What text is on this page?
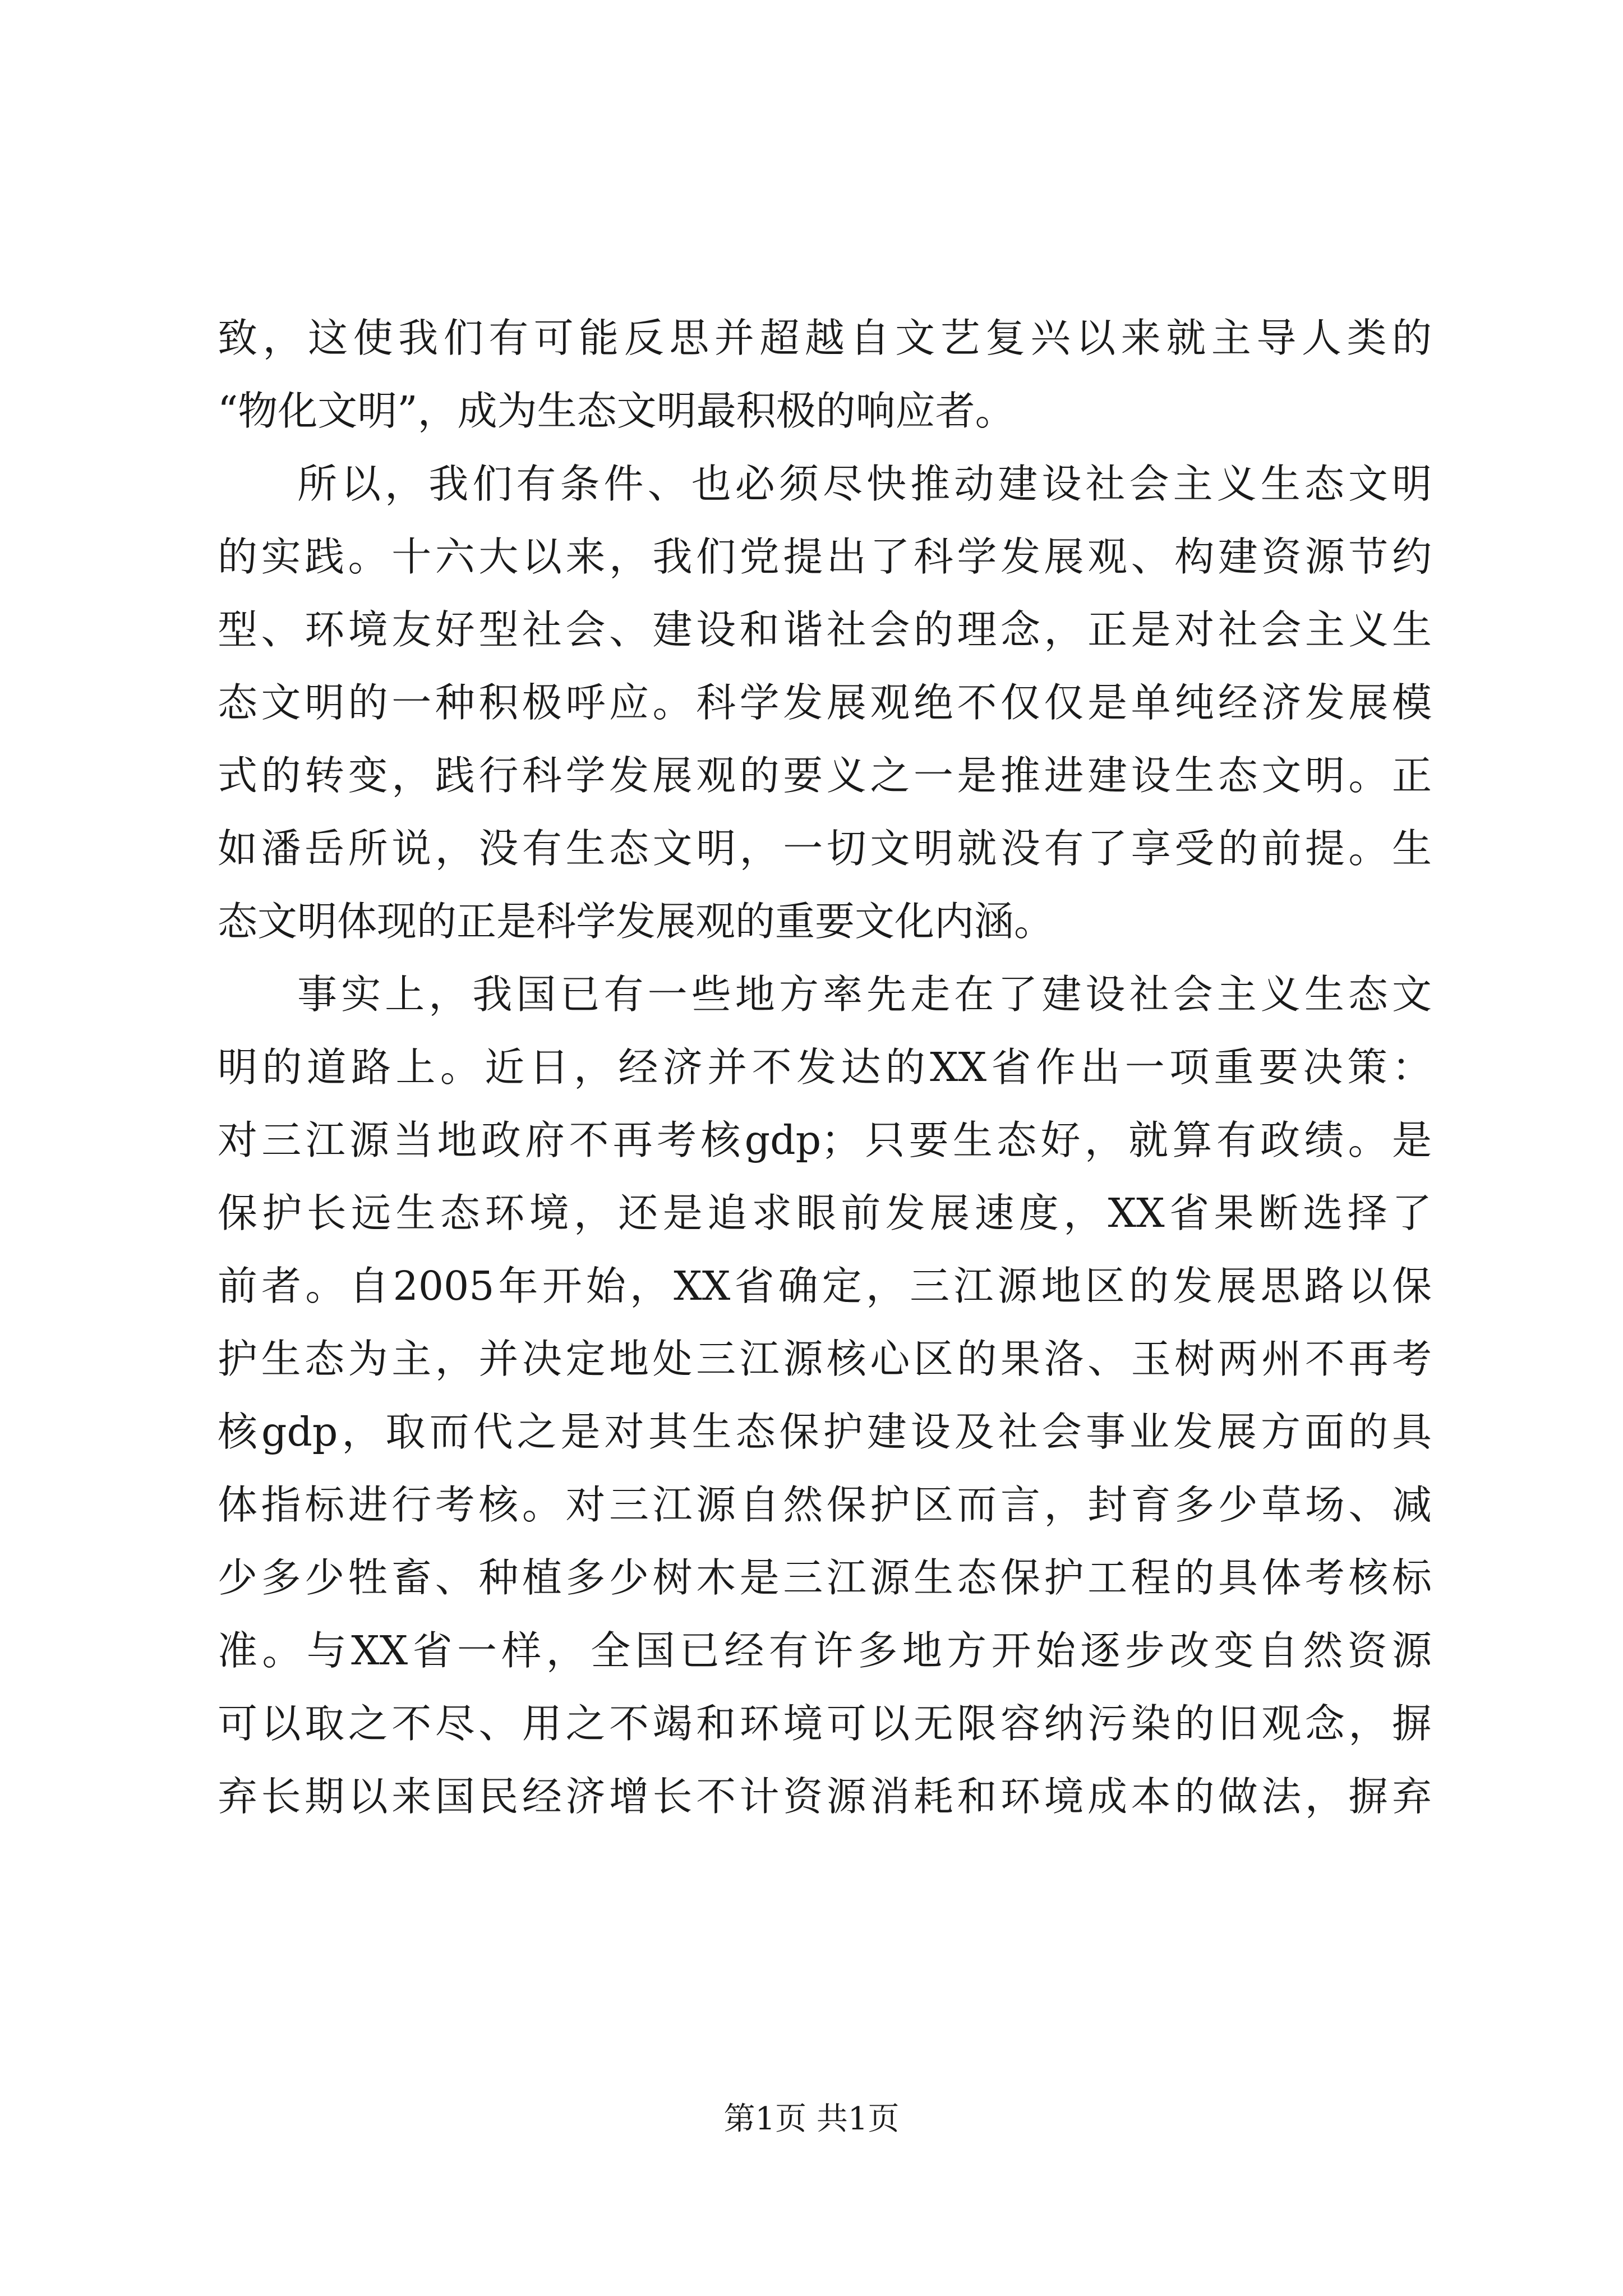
致，这使我们有可能反思并超越自文艺复兴以来就主导人类的
“物化文明”，成为生态文明最积极的响应者。
所以，我们有条件、也必须尽快推动建设社会主义生态文明
的实践。十六大以来，我们党提出了科学发展观、构建资源节约
型、环境友好型社会、建设和谐社会的理念，正是对社会主义生
态文明的一种积极呼应。科学发展观绝不仅仅是单纯经济发展模
式的转变，践行科学发展观的要义之一是推进建设生态文明。正
如潘岳所说，没有生态文明，一切文明就没有了享受的前提。生
态文明体现的正是科学发展观的重要文化内涵。
事实上，我国已有一些地方率先走在了建设社会主义生态文
明的道路上。近日，经济并不发达的XX省作出一项重要决策：
对三江源当地政府不再考核gdp；只要生态好，就算有政绩。是
保护长远生态环境，还是追求眼前发展速度，XX省果断选择了
前者。自2005年开始，XX省确定，三江源地区的发展思路以保
护生态为主，并决定地处三江源核心区的果洛、玉树两州不再考
核gdp，取而代之是对其生态保护建设及社会事业发展方面的具
体指标进行考核。对三江源自然保护区而言，封育多少草场、减
少多少牲畜、种植多少树木是三江源生态保护工程的具体考核标
准。与XX省一样，全国已经有许多地方开始逐步改变自然资源
可以取之不尽、用之不竭和环境可以无限容纳污染的旧观念，摒
弃长期以来国民经济增长不计资源消耗和环境成本的做法，摒弃
第1页 共1页
